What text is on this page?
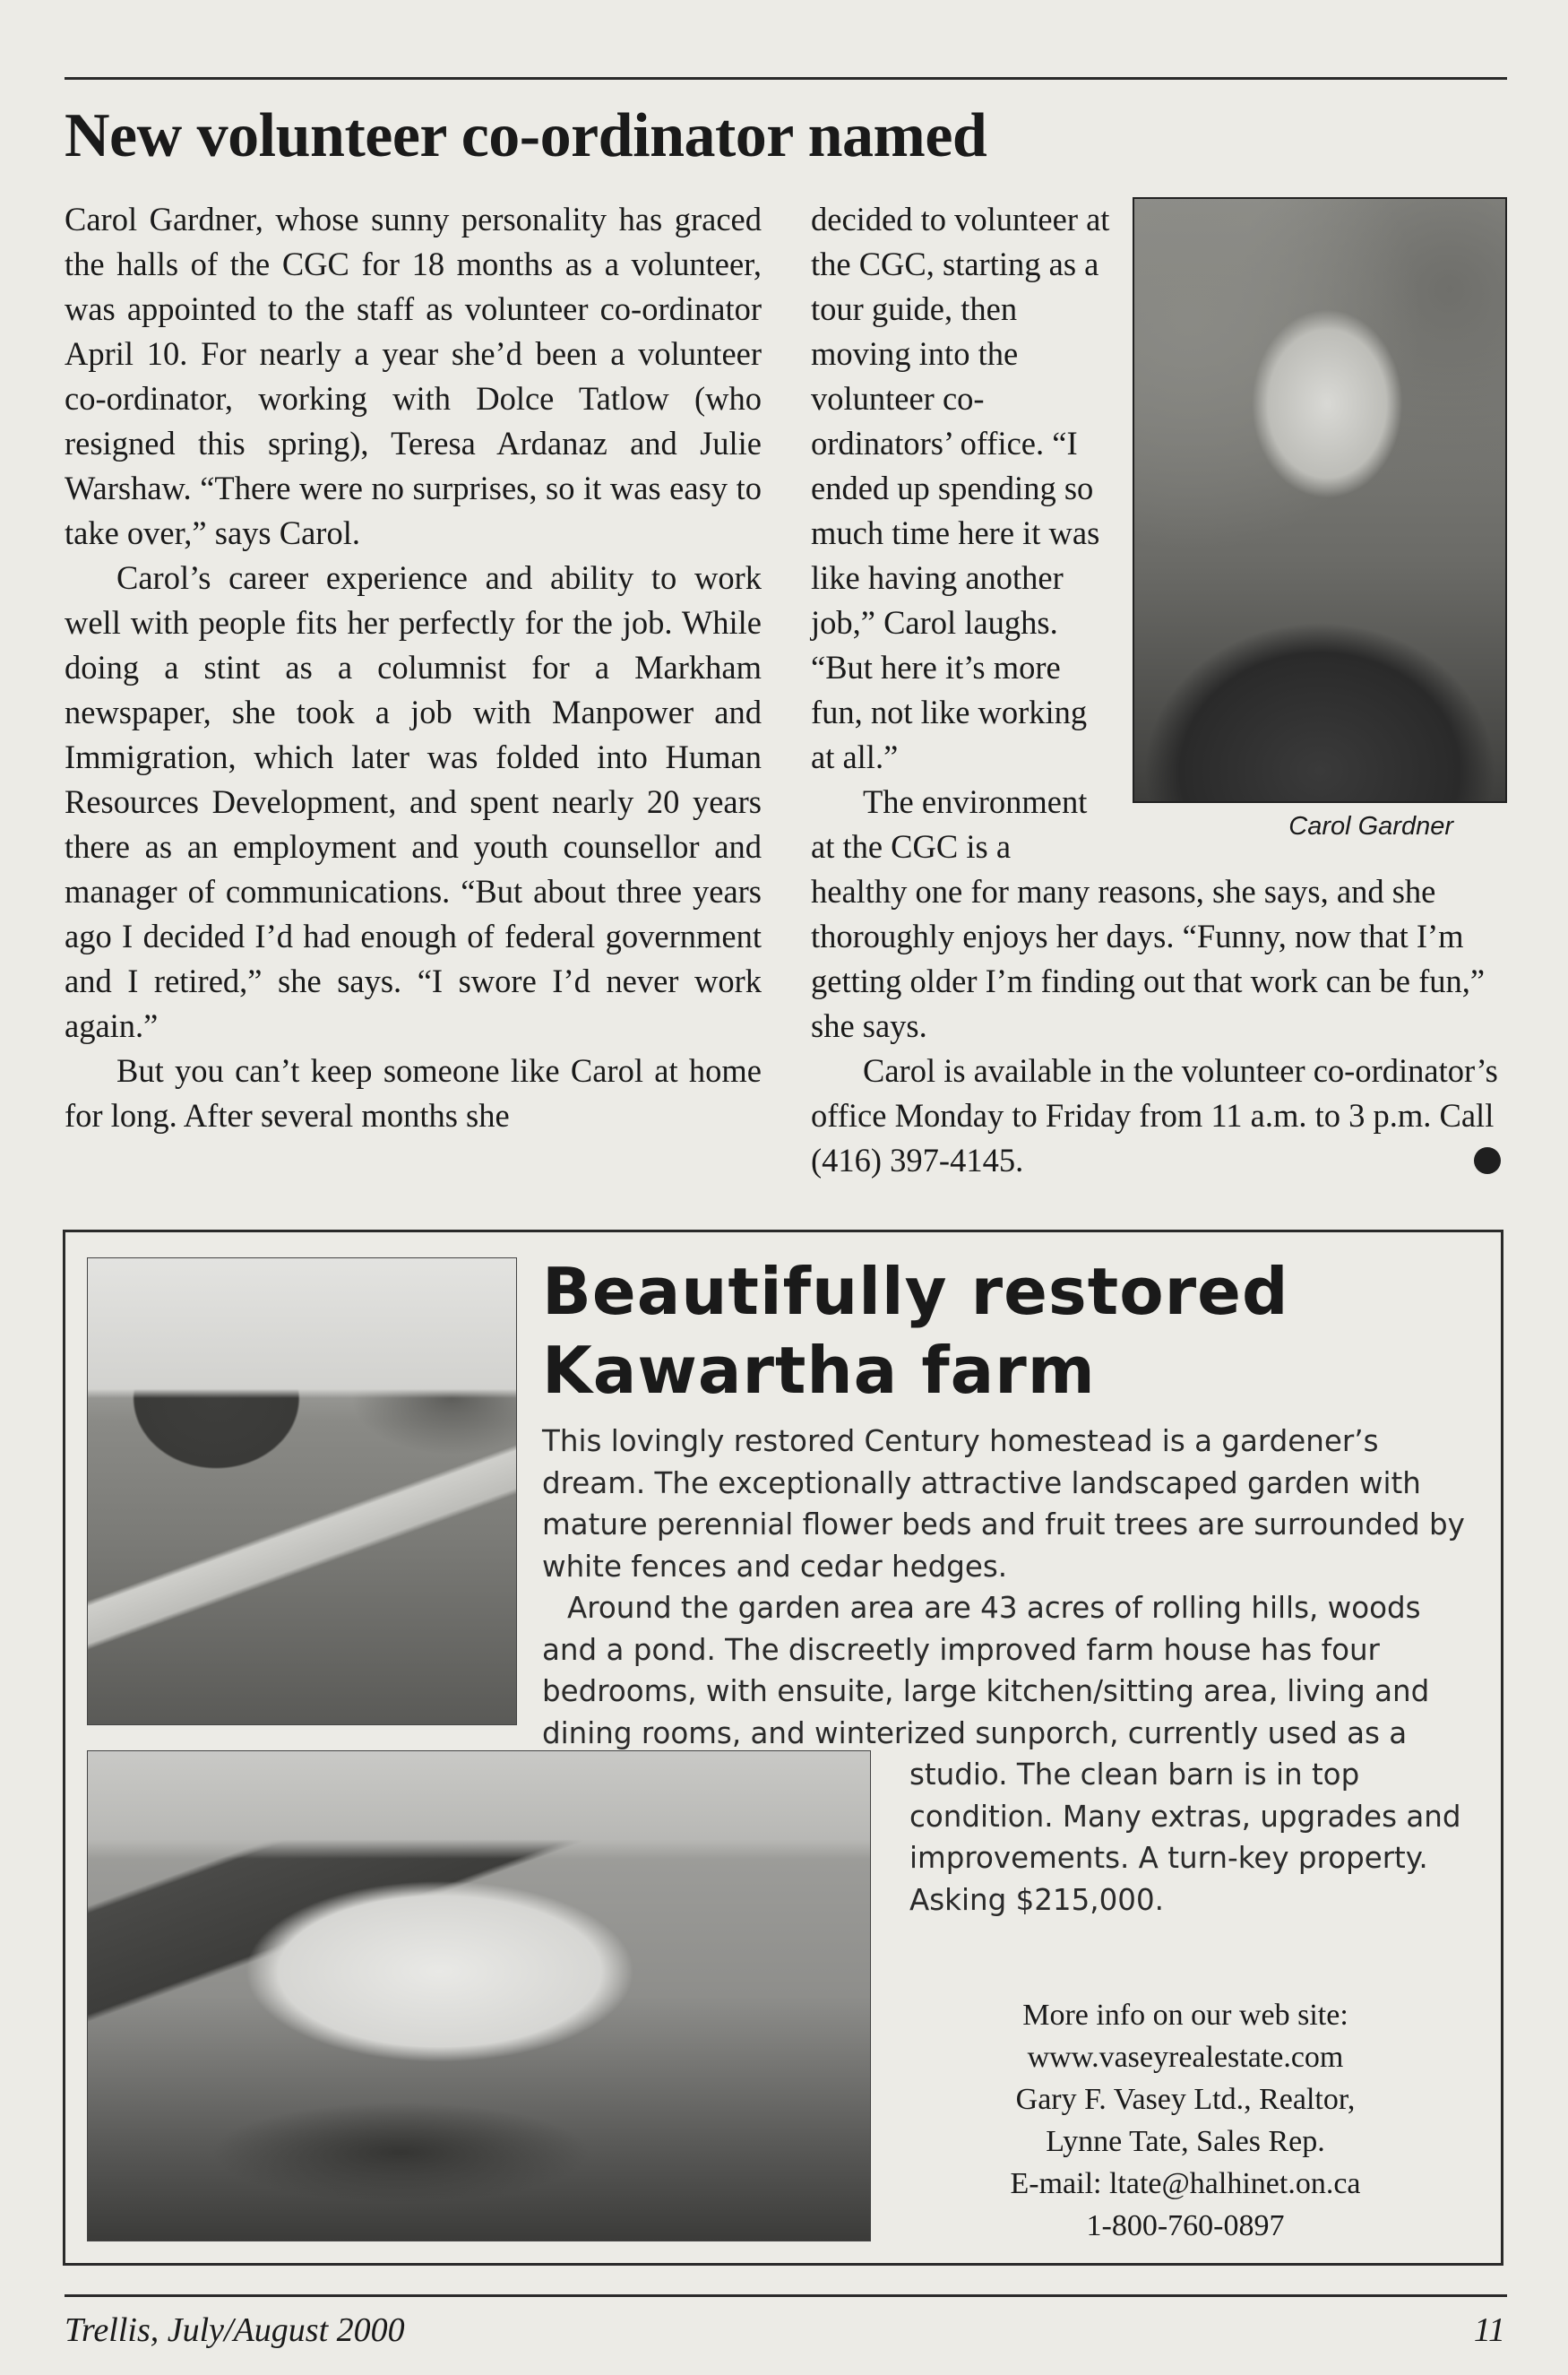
New volunteer co-ordinator named

Carol Gardner, whose sunny personality has graced the halls of the CGC for 18 months as a volunteer, was appointed to the staff as volunteer co-ordinator April 10. For nearly a year she’d been a volunteer co-ordinator, working with Dolce Tatlow (who resigned this spring), Teresa Ardanaz and Julie Warshaw. “There were no surprises, so it was easy to take over,” says Carol.

Carol’s career experience and ability to work well with people fits her perfectly for the job. While doing a stint as a columnist for a Markham newspaper, she took a job with Manpower and Immigration, which later was folded into Human Resources Development, and spent nearly 20 years there as an employment and youth counsellor and manager of communications. “But about three years ago I decided I’d had enough of federal government and I retired,” she says. “I swore I’d never work again.”

But you can’t keep someone like Carol at home for long. After several months she

Carol Gardner

decided to volunteer at the CGC, starting as a tour guide, then moving into the volunteer co-ordinators’ office. “I ended up spending so much time here it was like having another job,” Carol laughs. “But here it’s more fun, not like working at all.”

The environment at the CGC is a healthy one for many reasons, she says, and she thoroughly enjoys her days. “Funny, now that I’m getting older I’m finding out that work can be fun,” she says.

Carol is available in the volunteer co-ordinator’s office Monday to Friday from 11 a.m. to 3 p.m. Call (416) 397-4145.

Beautifully restored
Kawartha farm

This lovingly restored Century homestead is a gardener’s dream. The exceptionally attractive landscaped garden with mature perennial flower beds and fruit trees are surrounded by white fences and cedar hedges.

Around the garden area are 43 acres of rolling hills, woods and a pond. The discreetly improved farm house has four bedrooms, with ensuite, large kitchen/sitting area, living and dining rooms, and winterized sunporch, currently used as a studio. The clean barn is in top condition. Many extras, upgrades and improvements. A turn-key property. Asking $215,000.

More info on our web site:
www.vaseyrealestate.com
Gary F. Vasey Ltd., Realtor,
Lynne Tate, Sales Rep.
E-mail: ltate@halhinet.on.ca
1-800-760-0897
Trellis, July/August 2000	11
